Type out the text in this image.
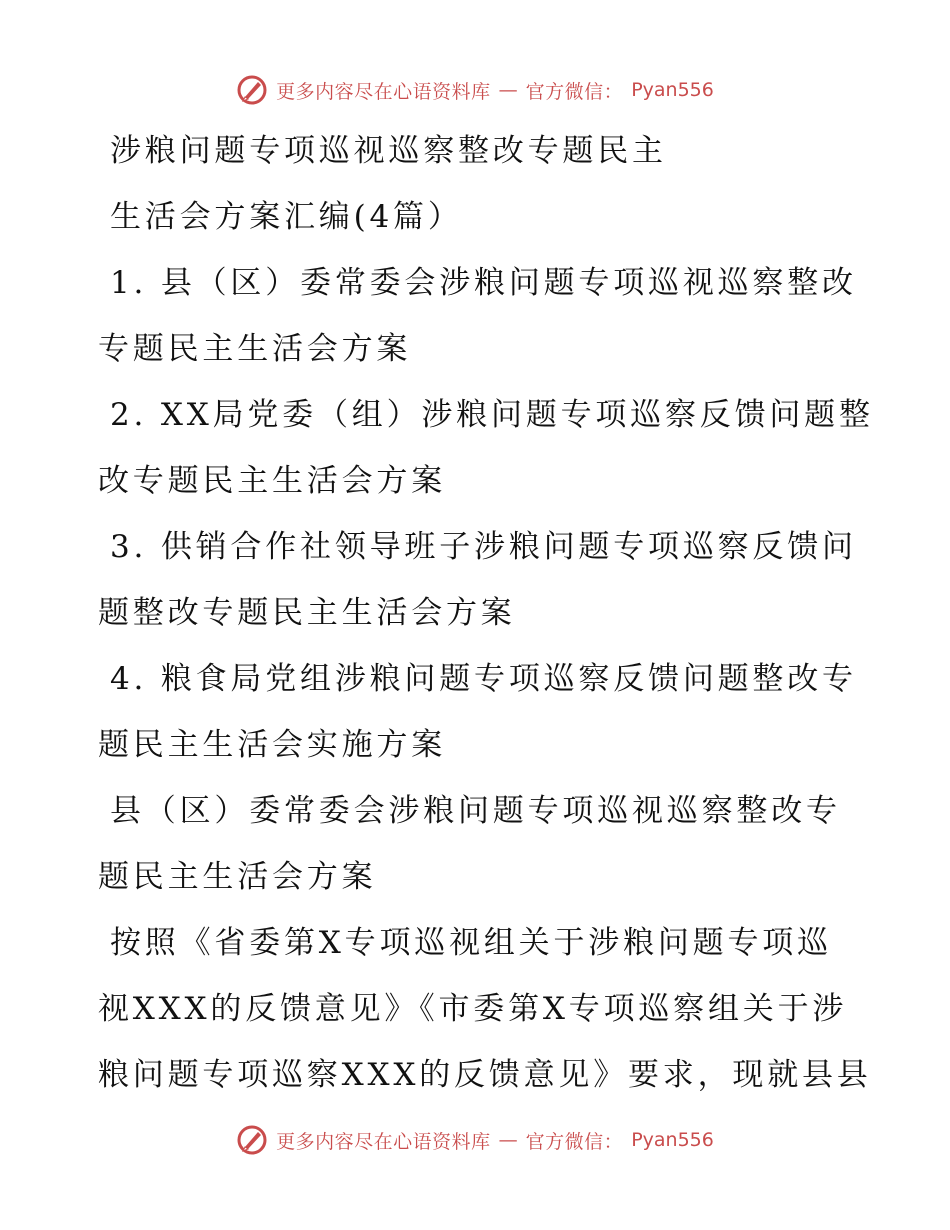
更多内容尽在心语资料库 — 官方微信： Pyan556

涉粮问题专项巡视巡察整改专题民主

生活会方案汇编(4篇）

1. 县（区）委常委会涉粮问题专项巡视巡察整改

专题民主生活会方案

2. XX局党委（组）涉粮问题专项巡察反馈问题整

改专题民主生活会方案

3. 供销合作社领导班子涉粮问题专项巡察反馈问

题整改专题民主生活会方案

4. 粮食局党组涉粮问题专项巡察反馈问题整改专

题民主生活会实施方案

县（区）委常委会涉粮问题专项巡视巡察整改专

题民主生活会方案

按照《省委第X专项巡视组关于涉粮问题专项巡

视XXX的反馈意见》《市委第X专项巡察组关于涉

粮问题专项巡察XXX的反馈意见》要求，现就县县

更多内容尽在心语资料库 — 官方微信： Pyan556
